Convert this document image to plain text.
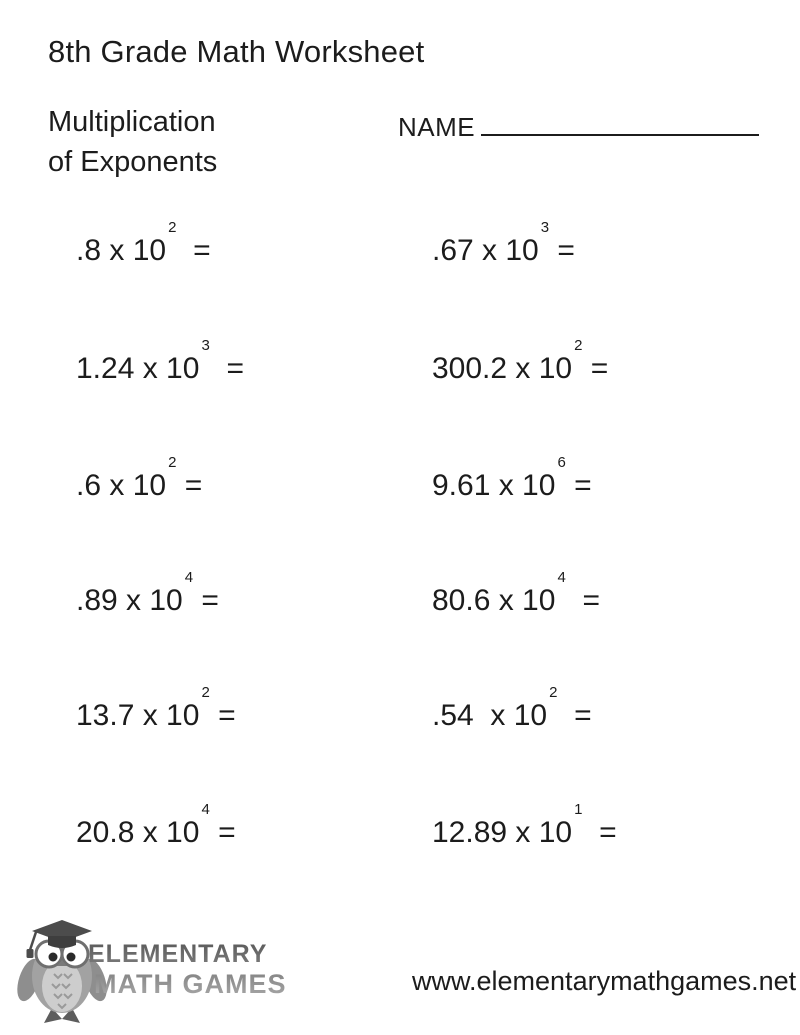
8th Grade Math Worksheet
Multiplication
of Exponents
NAME
.8 x $10^2$  =	.67 x $10^3$ =
1.24 x $10^3$  =	300.2 x $10^2$ =
.6 x $10^2$ =	9.61 x $10^6$ =
.89 x $10^4$ =	80.6 x $10^4$  =
13.7 x $10^2$ =	.54  x $10^2$  =
20.8 x $10^4$ =	12.89 x $10^1$  =
ELEMENTARY
MATH GAMES	www.elementarymathgames.net
